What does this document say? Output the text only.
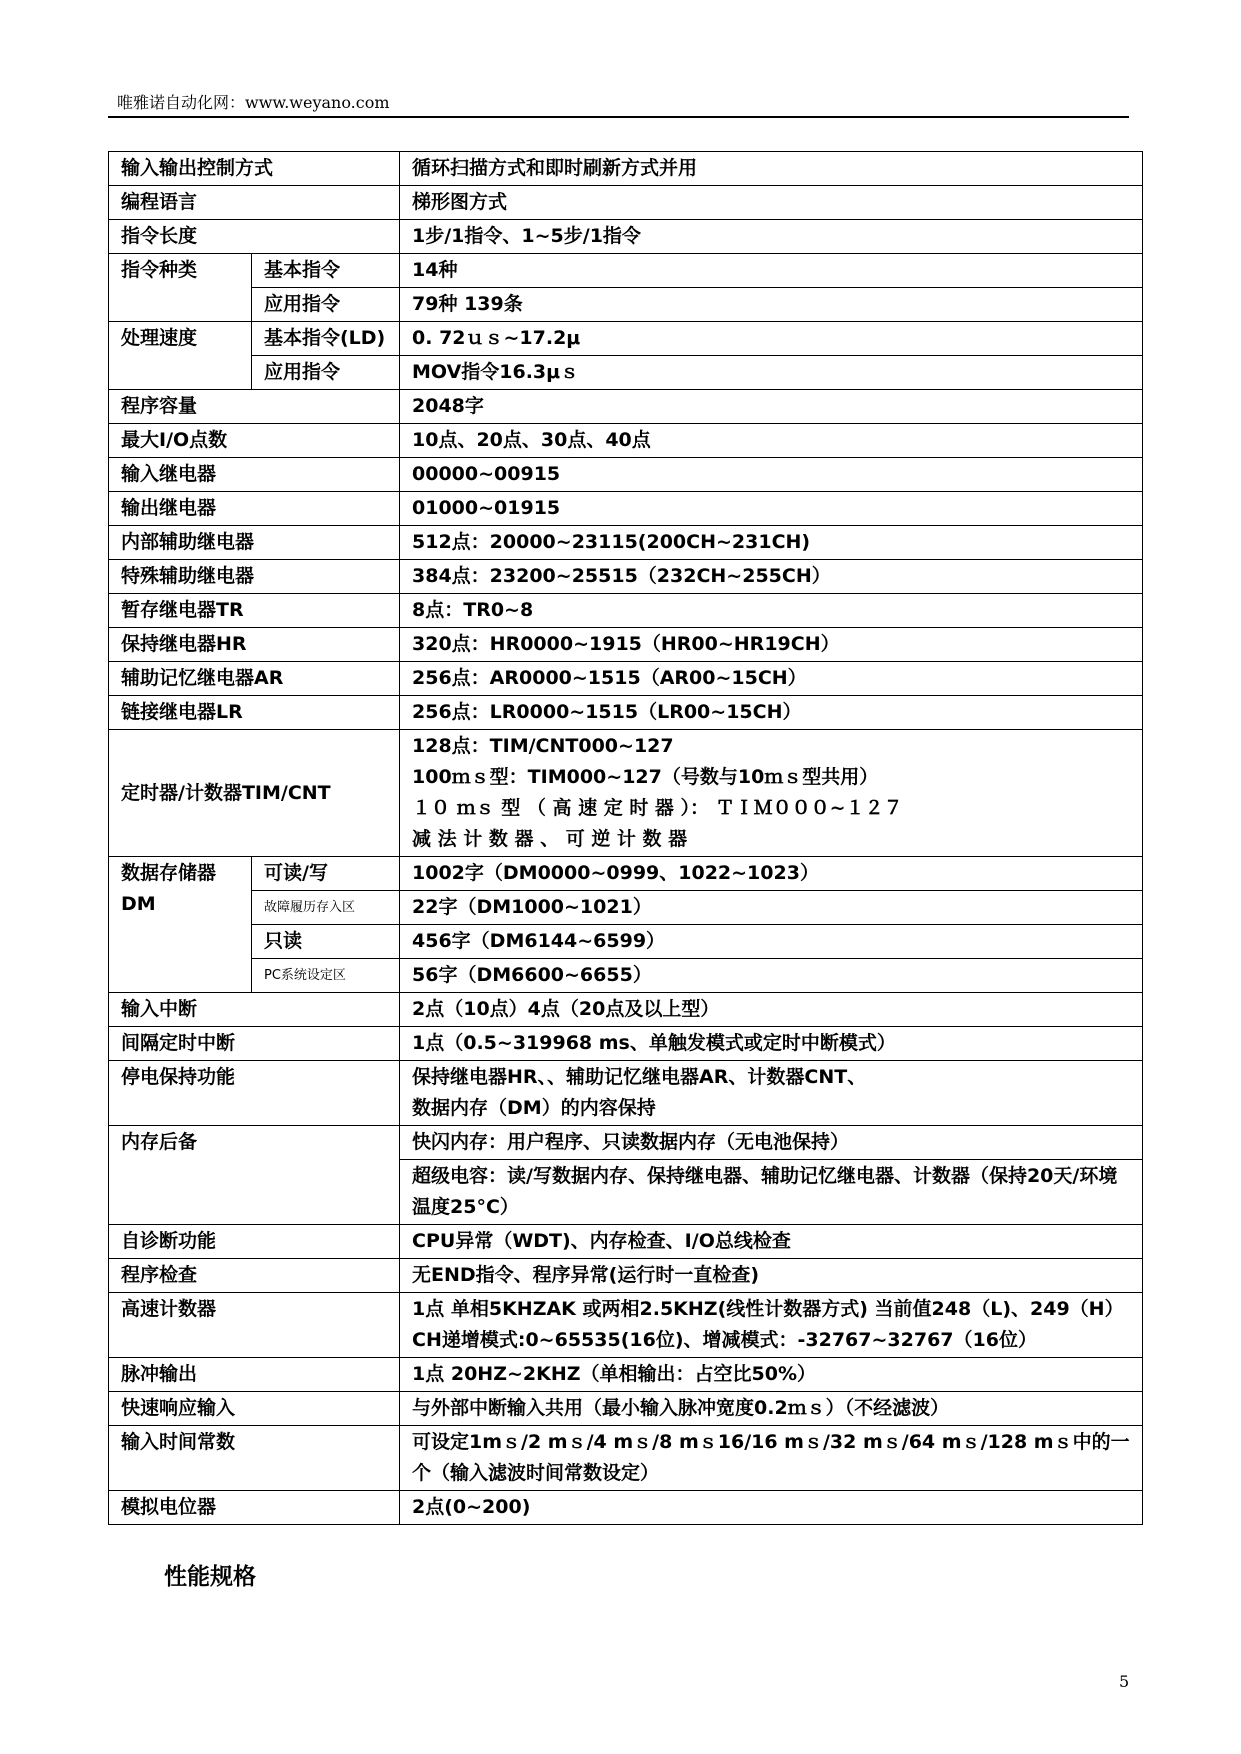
唯雅诺自动化网：www.weyano.com
输入输出控制方式		循环扫描方式和即时刷新方式并用
编程语言		梯形图方式
指令长度		1步/1指令、1~5步/1指令
指令种类	基本指令	14种
	应用指令	79种 139条
处理速度	基本指令(LD)	0. 72ｕｓ~17.2μ
	应用指令	MOV指令16.3μｓ
程序容量		2048字
最大I/O点数		10点、20点、30点、40点
输入继电器		00000~00915
输出继电器		01000~01915
内部辅助继电器		512点：20000~23115(200CH~231CH)
特殊辅助继电器		384点：23200~25515（232CH~255CH）
暂存继电器TR		8点：TR0~8
保持继电器HR		320点：HR0000~1915（HR00~HR19CH）
辅助记忆继电器AR		256点：AR0000~1515（AR00~15CH）
链接继电器LR		256点：LR0000~1515（LR00~15CH）
定时器/计数器TIM/CNT		128点：TIM/CNT000~127
100ｍｓ型：TIM000~127（号数与10ｍｓ型共用）
１０ ｍｓ 型 （ 高 速 定 时 器 ）： ＴＩＭ０００~１２７
减 法 计 数 器 、 可 逆 计 数 器

数据存储器
DM	可读/写	1002字（DM0000~0999、1022~1023）
	故障履历存入区	22字（DM1000~1021）
	只读	456字（DM6144~6599）
	PC系统设定区	56字（DM6600~6655）
输入中断		2点（10点）4点（20点及以上型）
间隔定时中断		1点（0.5~319968 ms、单触发模式或定时中断模式）
停电保持功能		保持继电器HR、、辅助记忆继电器AR、计数器CNT、
数据内存（DM）的内容保持

内存后备		快闪内存：用户程序、只读数据内存（无电池保持）
		超级电容：读/写数据内存、保持继电器、辅助记忆继电器、计数器（保持20天/环境温度25°C）
自诊断功能		CPU异常（WDT)、内存检查、I/O总线检查
程序检查		无END指令、程序异常(运行时一直检查)
高速计数器		1点 单相5KHZAK 或两相2.5KHZ(线性计数器方式) 当前值248（L)、249（H）CH递增模式:0~65535(16位)、增减模式：-32767~32767（16位）
脉冲输出		1点 20HZ~2KHZ（单相输出：占空比50%）
快速响应输入		与外部中断输入共用（最小输入脉冲宽度0.2ｍｓ）（不经滤波）
输入时间常数		可设定1mｓ/2 mｓ/4 mｓ/8 mｓ16/16 mｓ/32 mｓ/64 mｓ/128 mｓ中的一个（输入滤波时间常数设定）
模拟电位器		2点(0~200)
性能规格
5
